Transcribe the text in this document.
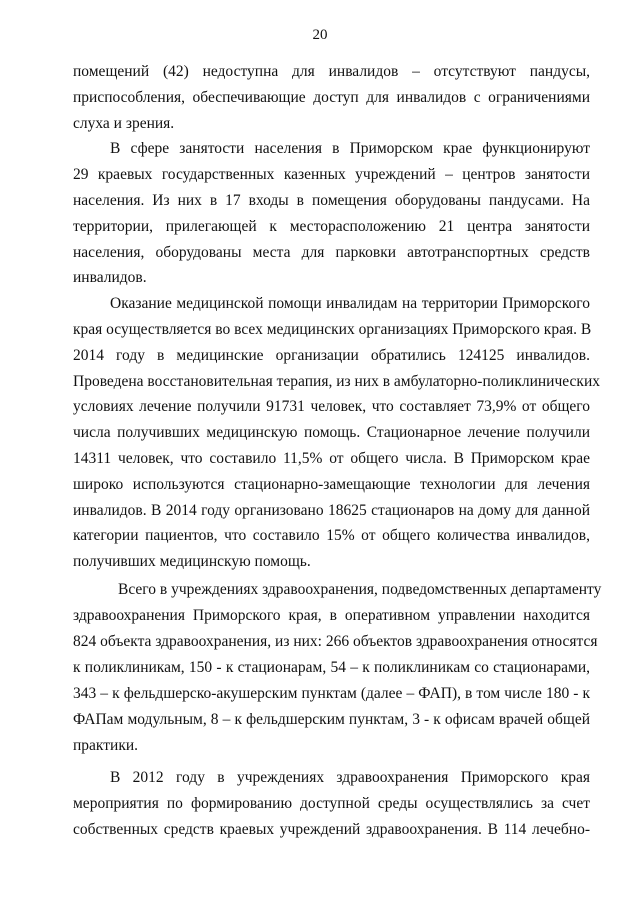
20
помещений (42) недоступна для инвалидов – отсутствуют пандусы,
приспособления, обеспечивающие доступ для инвалидов с ограничениями
слуха и зрения.
В сфере занятости населения в Приморском крае функционируют
29 краевых государственных казенных учреждений – центров занятости
населения. Из них в 17 входы в помещения оборудованы пандусами. На
территории, прилегающей к месторасположению 21 центра занятости
населения, оборудованы места для парковки автотранспортных средств
инвалидов.
Оказание медицинской помощи инвалидам на территории Приморского
края осуществляется во всех медицинских организациях Приморского края. В
2014 году в медицинские организации обратились 124125 инвалидов.
Проведена восстановительная терапия, из них в амбулаторно-поликлинических
условиях лечение получили 91731 человек, что составляет 73,9% от общего
числа получивших медицинскую помощь. Стационарное лечение получили
14311 человек, что составило 11,5% от общего числа. В Приморском крае
широко используются стационарно-замещающие технологии для лечения
инвалидов. В 2014 году организовано 18625 стационаров на дому для данной
категории пациентов, что составило 15% от общего количества инвалидов,
получивших медицинскую помощь.
Всего в учреждениях здравоохранения, подведомственных департаменту
здравоохранения Приморского края, в оперативном управлении находится
824 объекта здравоохранения, из них: 266 объектов здравоохранения относятся
к поликлиникам, 150 - к стационарам, 54 – к поликлиникам со стационарами,
343 – к фельдшерско-акушерским пунктам (далее – ФАП), в том числе 180 - к
ФАПам модульным, 8 – к фельдшерским пунктам, 3 - к офисам врачей общей
практики.
В 2012 году в учреждениях здравоохранения Приморского края
мероприятия по формированию доступной среды осуществлялись за счет
собственных средств краевых учреждений здравоохранения. В 114 лечебно-
